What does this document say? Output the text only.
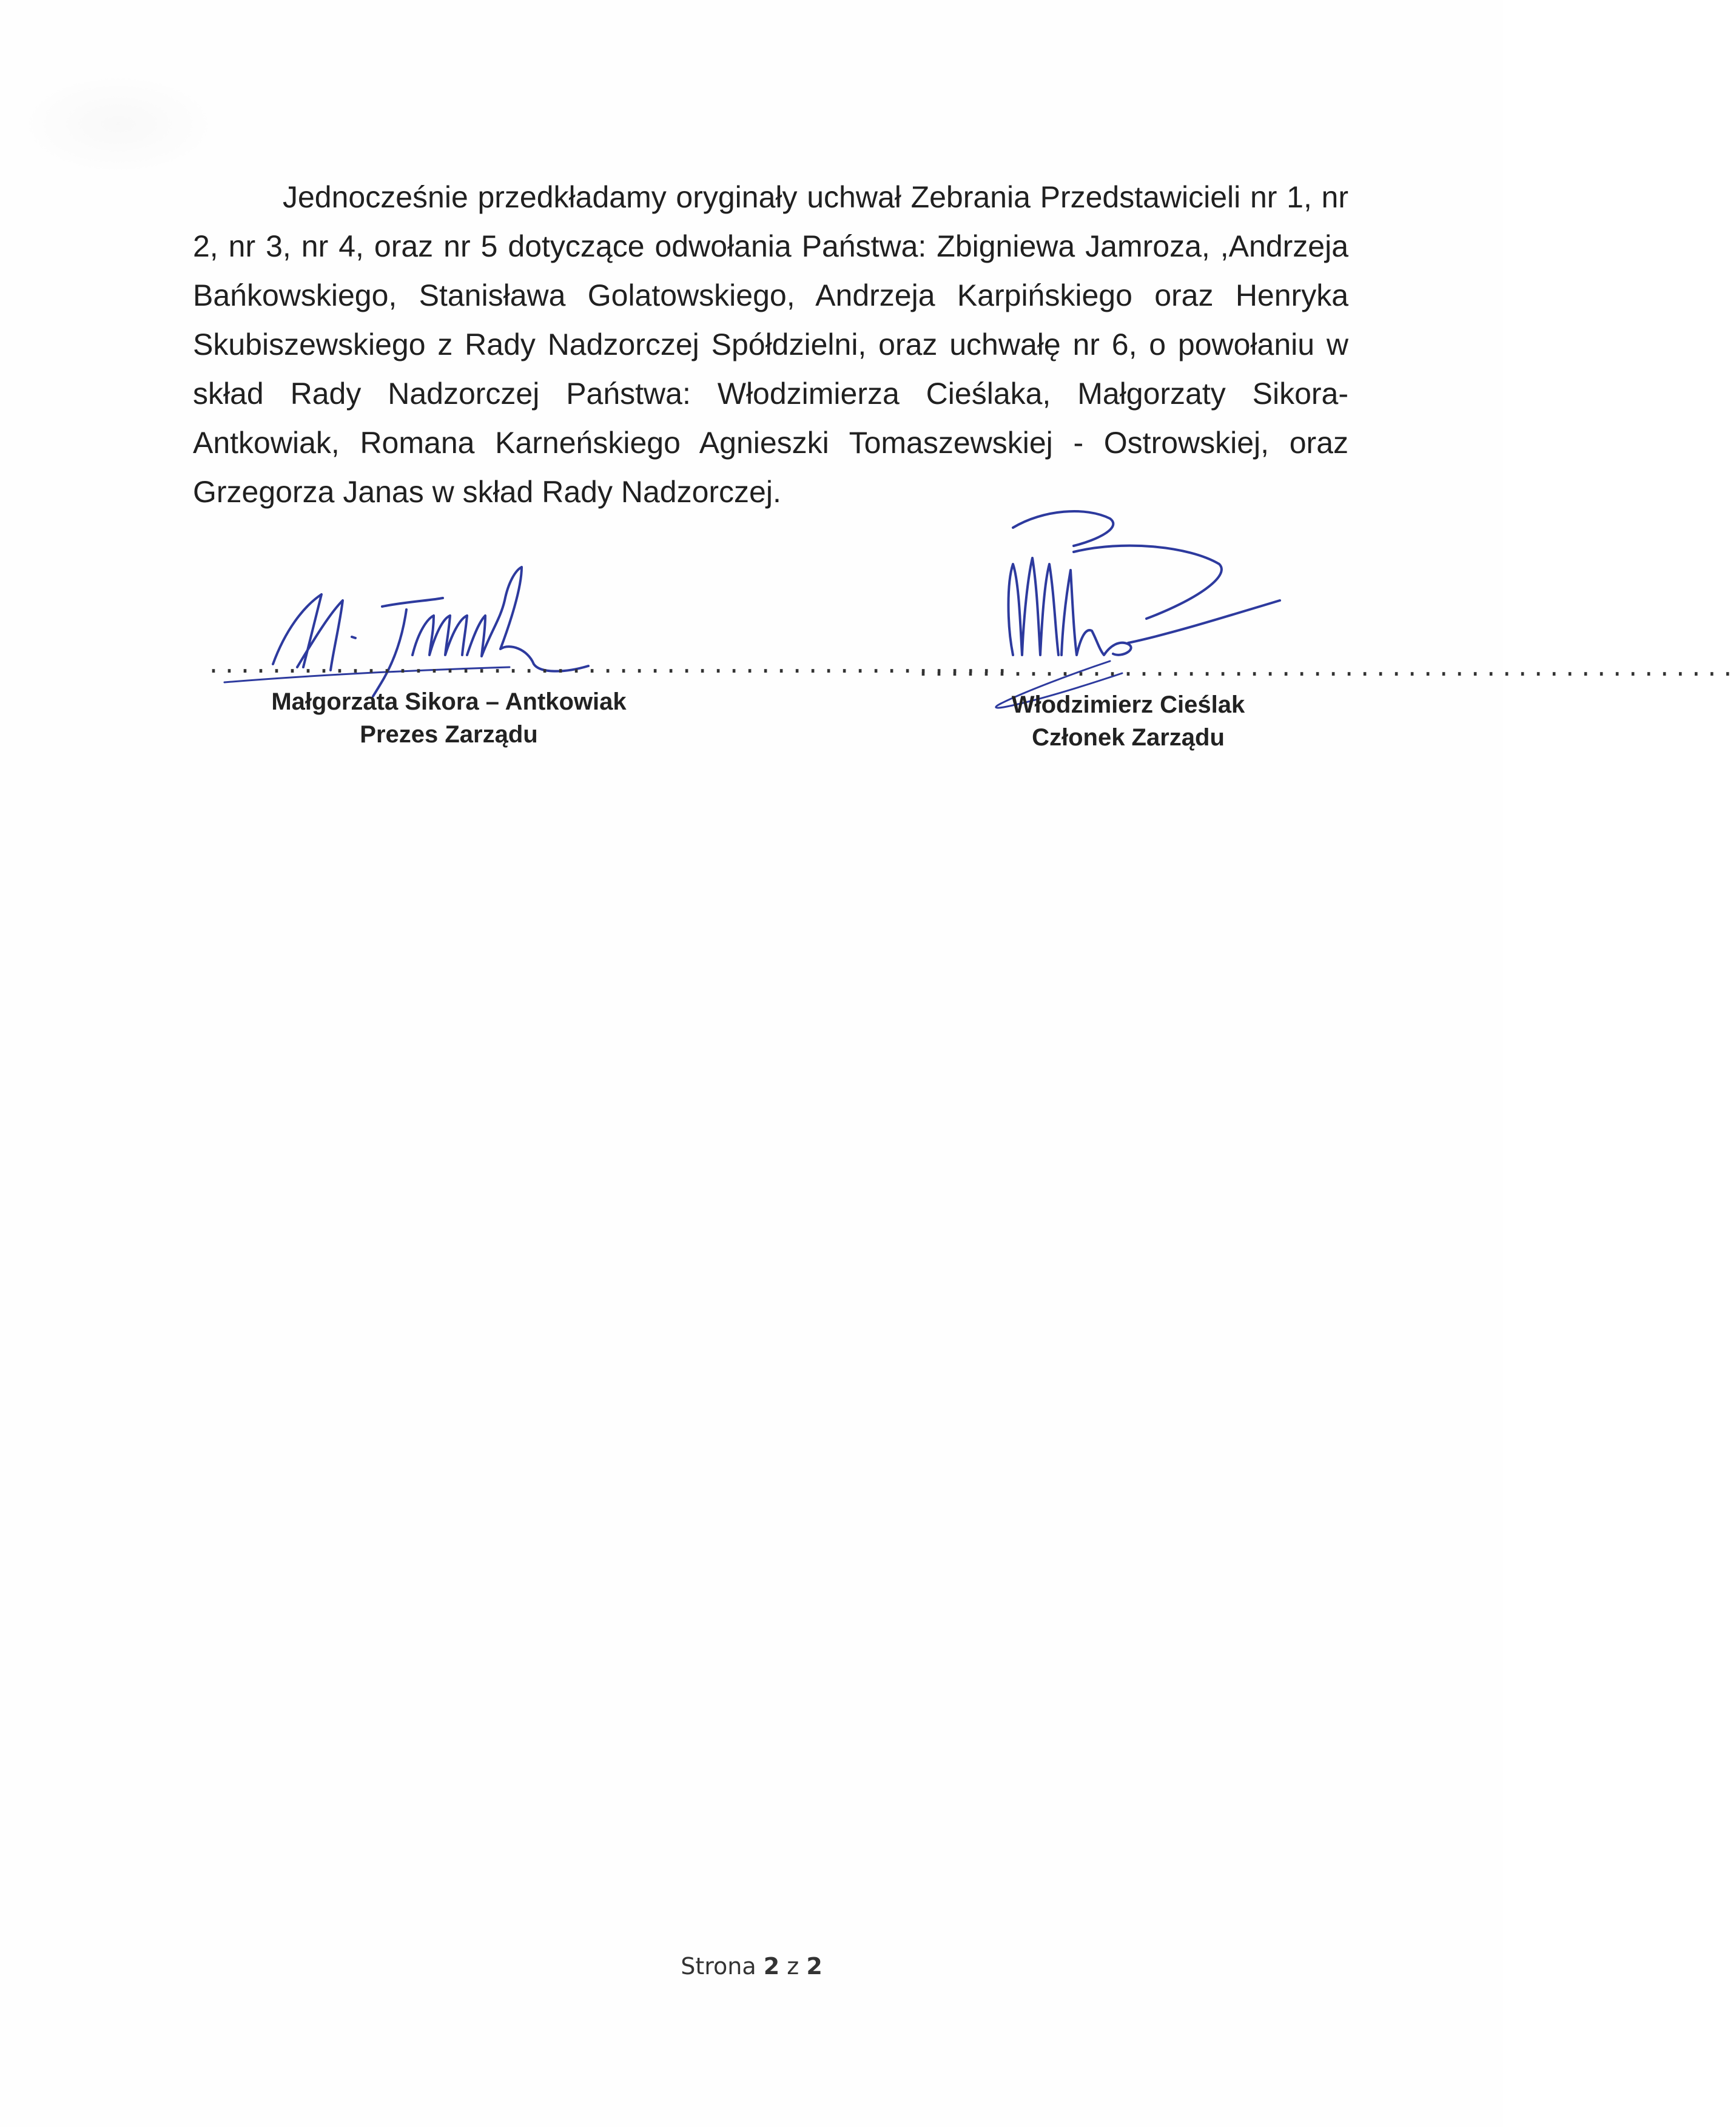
Jednocześnie przedkładamy oryginały uchwał Zebrania Przedstawicieli nr 1, nr 2, nr 3, nr 4, oraz nr 5 dotyczące odwołania Państwa: Zbigniewa Jamroza, ,Andrzeja Bańkowskiego, Stanisława Golatowskiego, Andrzeja Karpińskiego oraz Henryka Skubiszewskiego z Rady Nadzorczej Spółdzielni, oraz uchwałę nr 6, o powołaniu w skład Rady Nadzorczej Państwa: Włodzimierza Cieślaka, Małgorzaty Sikora-Antkowiak, Romana Karneńskiego Agnieszki Tomaszewskiej - Ostrowskiej, oraz Grzegorza Janas w skład Rady Nadzorczej.

...................................................
Małgorzata Sikora – Antkowiak
Prezes Zarządu
....................................................
Włodzimierz Cieślak
Członek Zarządu
Strona 2 z 2
